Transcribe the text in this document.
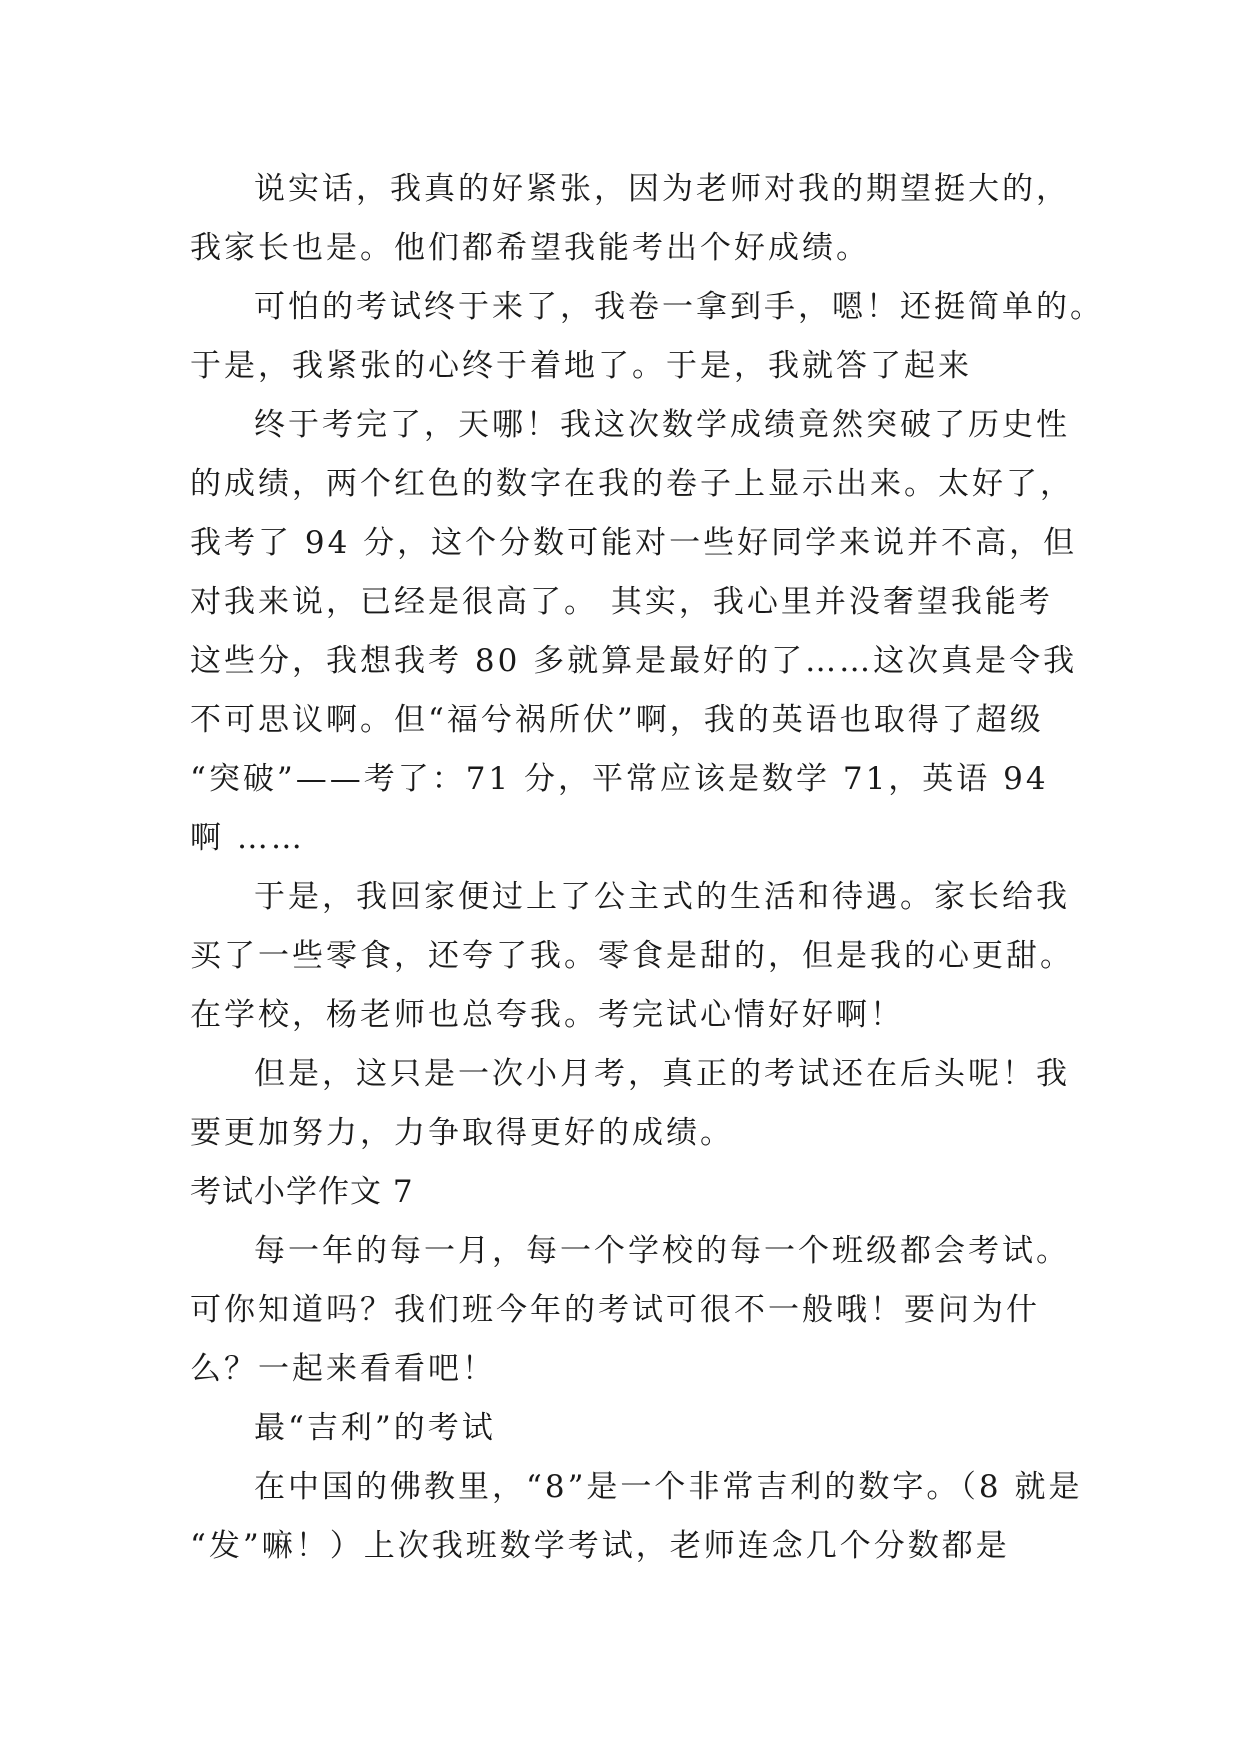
说实话，我真的好紧张，因为老师对我的期望挺大的，
我家长也是。他们都希望我能考出个好成绩。
可怕的考试终于来了，我卷一拿到手，嗯！还挺简单的。
于是，我紧张的心终于着地了。于是，我就答了起来
终于考完了，天哪！我这次数学成绩竟然突破了历史性
的成绩，两个红色的数字在我的卷子上显示出来。太好了，
我考了 94 分，这个分数可能对一些好同学来说并不高，但
对我来说，已经是很高了。 其实，我心里并没奢望我能考
这些分，我想我考 80 多就算是最好的了……这次真是令我
不可思议啊。但“福兮祸所伏”啊，我的英语也取得了超级
“突破”——考了：71 分，平常应该是数学 71，英语 94
啊 ……
于是，我回家便过上了公主式的生活和待遇。家长给我
买了一些零食，还夸了我。零食是甜的，但是我的心更甜。
在学校，杨老师也总夸我。考完试心情好好啊！
但是，这只是一次小月考，真正的考试还在后头呢！我
要更加努力，力争取得更好的成绩。
考试小学作文 7
每一年的每一月，每一个学校的每一个班级都会考试。
可你知道吗？我们班今年的考试可很不一般哦！要问为什
么？一起来看看吧！
最“吉利”的考试
在中国的佛教里，“8”是一个非常吉利的数字。（8 就是
“发”嘛！）上次我班数学考试，老师连念几个分数都是
